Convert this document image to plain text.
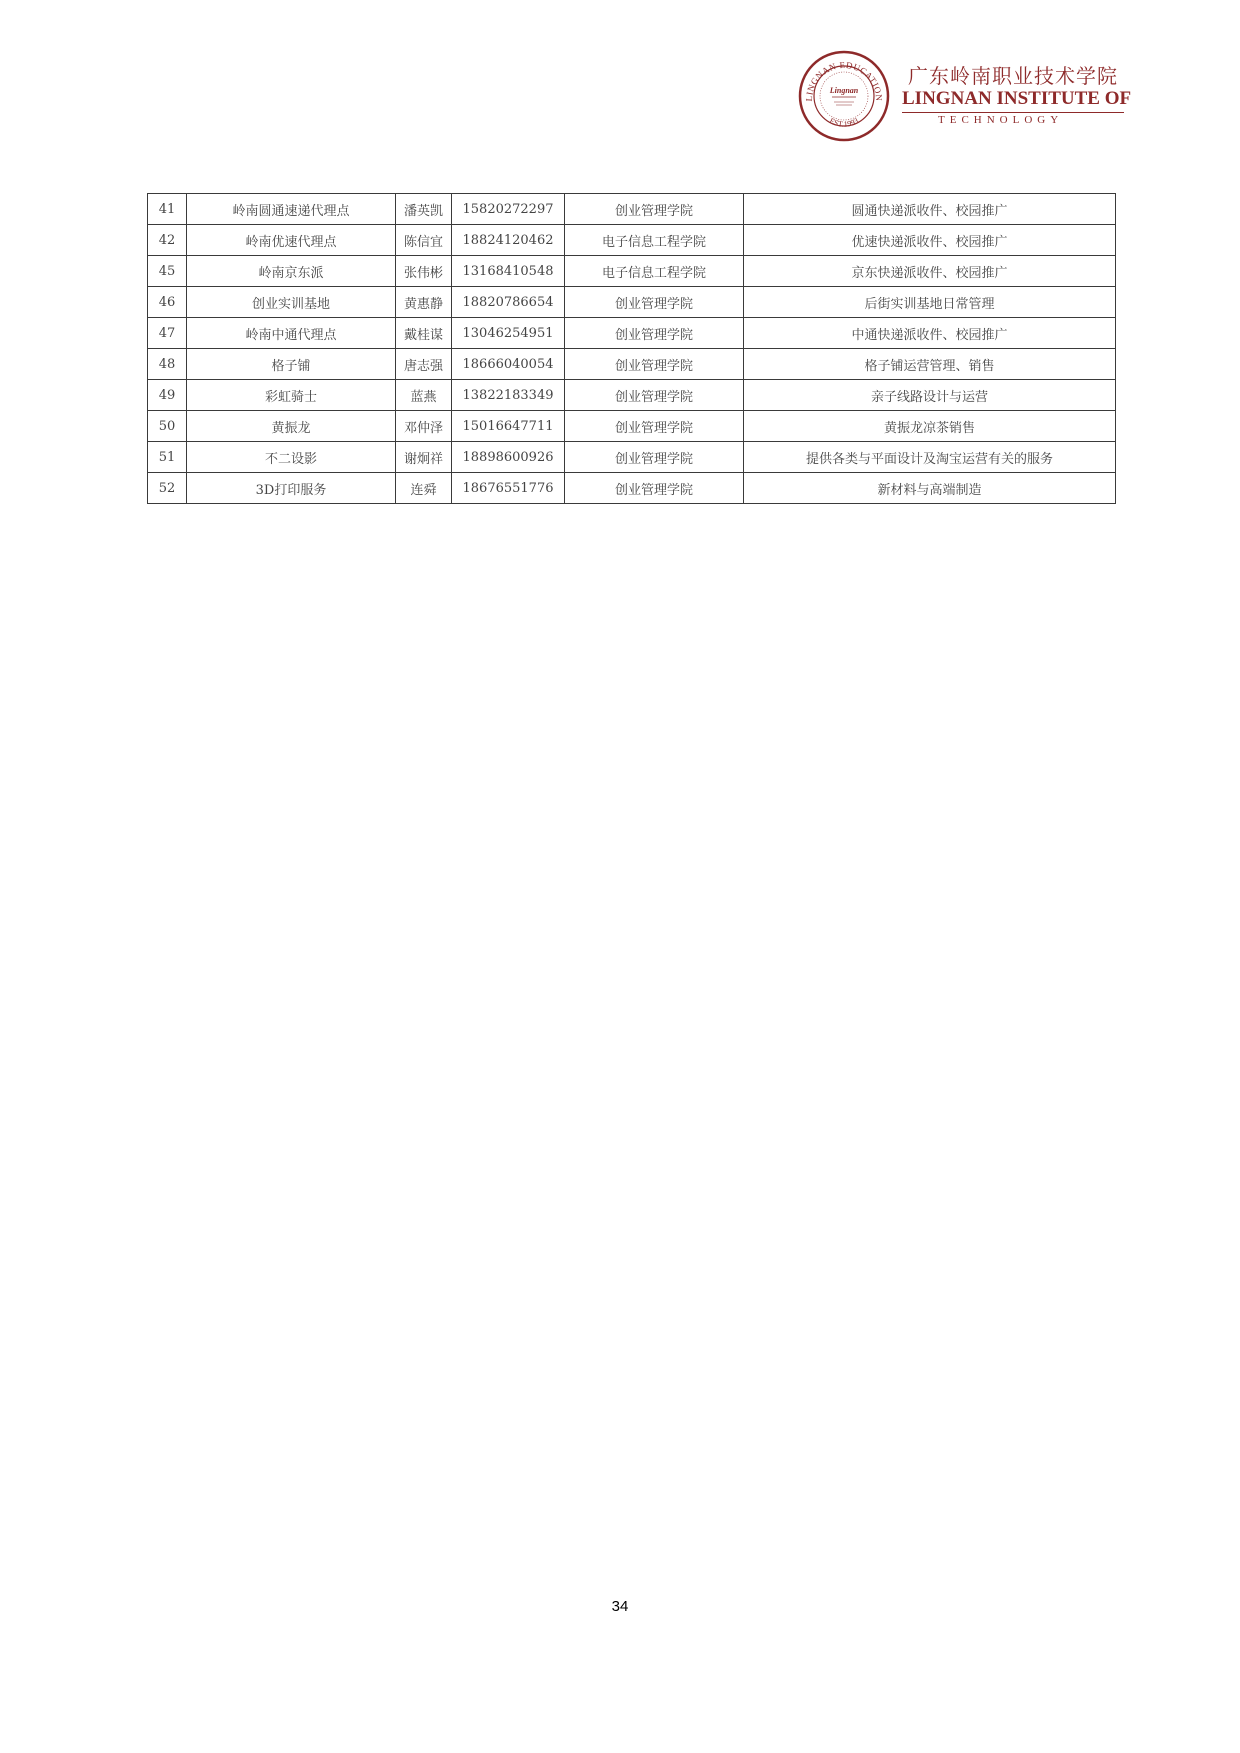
LINGNAN EDUCATION
EST.1993
Lingnan
广东岭南职业技术学院
LINGNAN INSTITUTE OF
TECHNOLOGY
41	岭南圆通速递代理点	潘英凯	15820272297	创业管理学院	圆通快递派收件、校园推广
42	岭南优速代理点	陈信宜	18824120462	电子信息工程学院	优速快递派收件、校园推广
45	岭南京东派	张伟彬	13168410548	电子信息工程学院	京东快递派收件、校园推广
46	创业实训基地	黄惠静	18820786654	创业管理学院	后街实训基地日常管理
47	岭南中通代理点	戴桂谋	13046254951	创业管理学院	中通快递派收件、校园推广
48	格子铺	唐志强	18666040054	创业管理学院	格子铺运营管理、销售
49	彩虹骑士	蓝燕	13822183349	创业管理学院	亲子线路设计与运营
50	黄振龙	邓仲泽	15016647711	创业管理学院	黄振龙凉茶销售
51	不二设影	谢炯祥	18898600926	创业管理学院	提供各类与平面设计及淘宝运营有关的服务
52	3D打印服务	连舜	18676551776	创业管理学院	新材料与高端制造
34
